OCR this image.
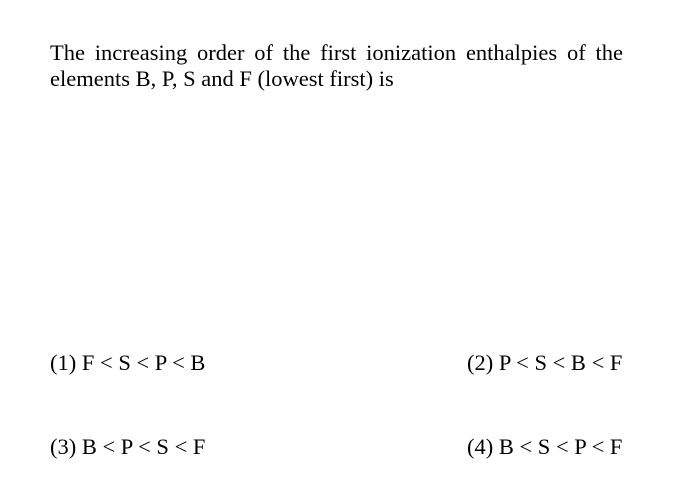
The increasing order of the first ionization enthalpies of the elements B, P, S and F (lowest first) is

(1) F < S < P < B	(2) P < S < B < F
(3) B < P < S < F	(4) B < S < P < F
